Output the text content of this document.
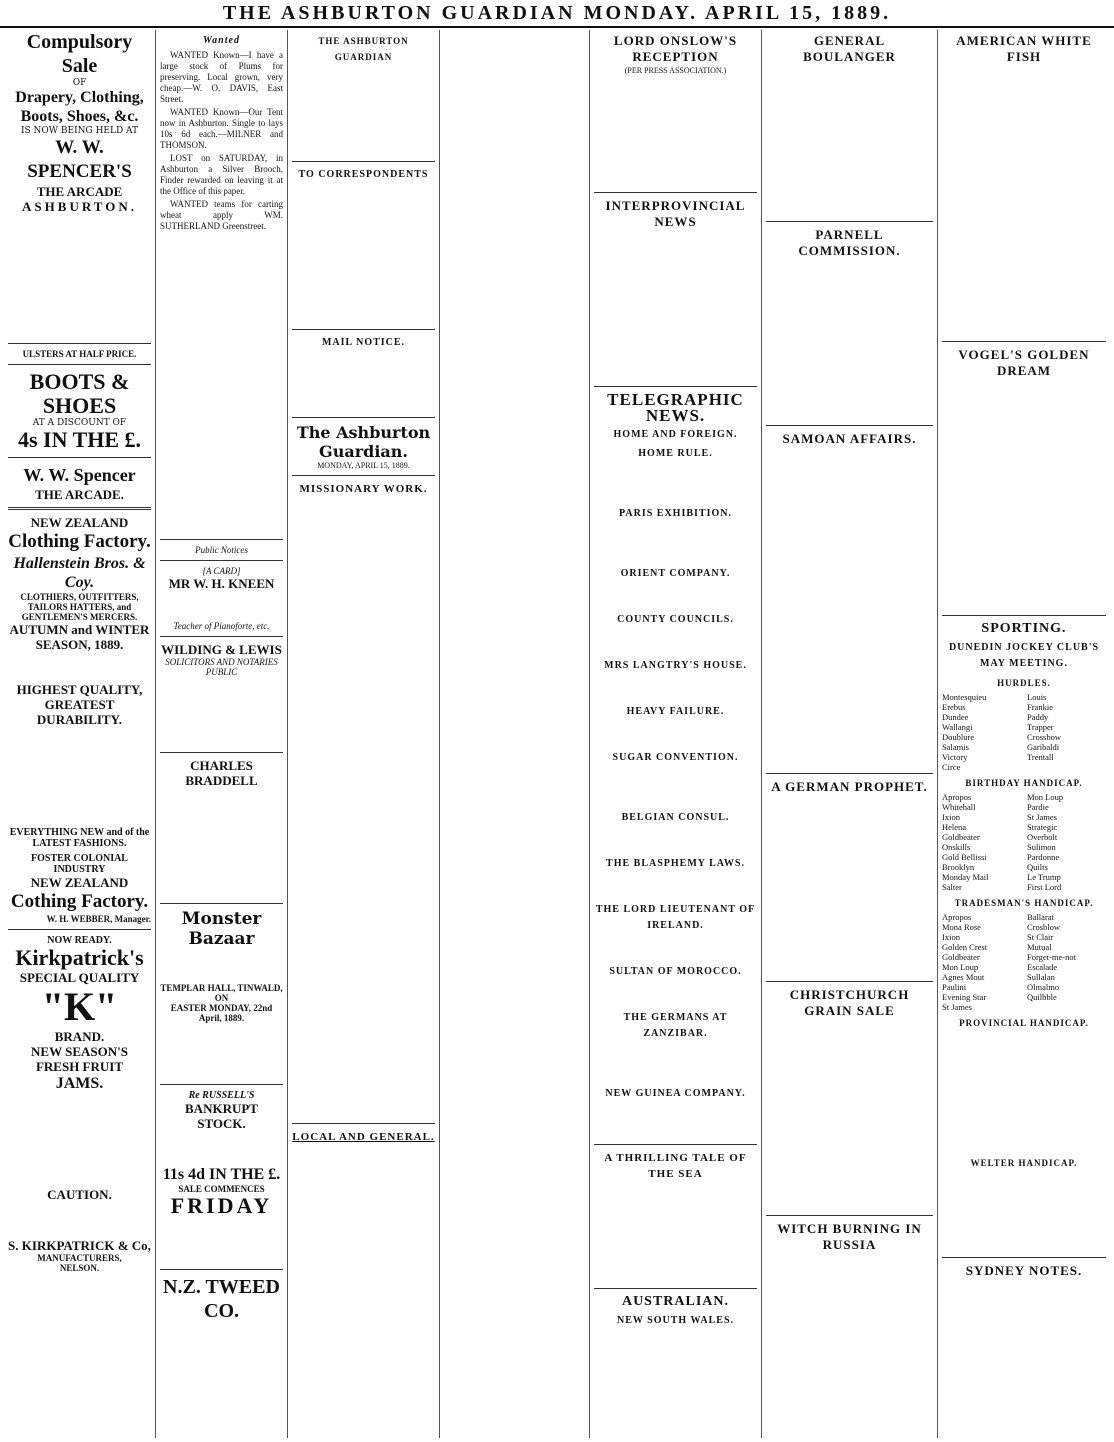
THE ASHBURTON GUARDIAN MONDAY. APRIL 15, 1889.
Compulsory Sale
OF
Drapery, Clothing, Boots, Shoes, &c.
IS NOW BEING HELD AT
W. W. SPENCER'S
THE ARCADE
ASHBURTON.
ULSTERS AT HALF PRICE.
BOOTS & SHOES
AT A DISCOUNT OF
4s IN THE £.
W. W. Spencer
THE ARCADE.
NEW ZEALAND
Clothing Factory.
Hallenstein Bros. & Coy.
CLOTHIERS, OUTFITTERS, TAILORS HATTERS, and GENTLEMEN'S MERCERS.
AUTUMN and WINTER SEASON, 1889.
HIGHEST QUALITY,
GREATEST DURABILITY.
EVERYTHING NEW and of the LATEST FASHIONS.
FOSTER COLONIAL INDUSTRY
NEW ZEALAND
Cothing Factory.
W. H. WEBBER, Manager.
NOW READY.
Kirkpatrick's
SPECIAL QUALITY
"K"
BRAND.
NEW SEASON'S
FRESH FRUIT
JAMS.
CAUTION.
S. KIRKPATRICK & Co,
MANUFACTURERS,
NELSON.
Wanted

WANTED Known—I have a large stock of Plums for preserving. Local grown, very cheap.—W. O. DAVIS, East Street.

WANTED Known—Our Tent now in Ashburton. Single to lays 10s 6d each.—MILNER and THOMSON.

LOST on SATURDAY, in Ashburton a Silver Brooch. Finder rewarded on leaving it at the Office of this paper.

WANTED teams for carting wheat apply WM. SUTHERLAND Greenstreet.

Public Notices
[A CARD]
MR W. H. KNEEN
Teacher of Pianoforte, etc.
WILDING & LEWIS
SOLICITORS AND NOTARIES PUBLIC
CHARLES BRADDELL
Monster Bazaar
TEMPLAR HALL, TINWALD,
ON
EASTER MONDAY, 22nd April, 1889.
Re RUSSELL'S
BANKRUPT STOCK.
11s 4d IN THE £.
SALE COMMENCES
FRIDAY
N.Z. TWEED CO.
THE ASHBURTON GUARDIAN
TO CORRESPONDENTS
MAIL NOTICE.
The Ashburton Guardian.
MONDAY, APRIL 15, 1889.
MISSIONARY WORK.
LOCAL AND GENERAL.
LORD ONSLOW'S RECEPTION
(PER PRESS ASSOCIATION.)
INTERPROVINCIAL NEWS
TELEGRAPHIC NEWS.
HOME AND FOREIGN.
HOME RULE.
PARIS EXHIBITION.
ORIENT COMPANY.
COUNTY COUNCILS.
MRS LANGTRY'S HOUSE.
HEAVY FAILURE.
SUGAR CONVENTION.
BELGIAN CONSUL.
THE BLASPHEMY LAWS.
THE LORD LIEUTENANT OF IRELAND.
SULTAN OF MOROCCO.
THE GERMANS AT ZANZIBAR.
NEW GUINEA COMPANY.
A THRILLING TALE OF THE SEA
AUSTRALIAN.
NEW SOUTH WALES.
GENERAL BOULANGER
PARNELL COMMISSION.
SAMOAN AFFAIRS.
A GERMAN PROPHET.
CHRISTCHURCH GRAIN SALE
WITCH BURNING IN RUSSIA
AMERICAN WHITE FISH
VOGEL'S GOLDEN DREAM
SPORTING.
DUNEDIN JOCKEY CLUB'S MAY MEETING.
HURDLES.
Montesquieu
Erebus
Dundee
Wallangi
Doublure
Salamis
Victory
Circe
Louis
Frankie
Paddy
Trapper
Crossbow
Garibaldi
Trentall
BIRTHDAY HANDICAP.
Apropos
Whitehall
Ixion
Helena
Goldbeater
Onskills
Gold Bellissi
Brooklyn
Monday Mail
Salter
Mon Loup
Pardie
St James
Strategic
Overbolt
Sulimon
Pardonne
Quilts
Le Trump
First Lord
TRADESMAN'S HANDICAP.
Apropos
Mona Rose
Ixion
Golden Crest
Goldbeater
Mon Loup
Agnes Mout
Paulini
Evening Star
St James
Ballarat
Crosblow
St Clair
Mutual
Forget-me-not
Escalade
Sullalan
Olmalmo
Quilbble
PROVINCIAL HANDICAP.
WELTER HANDICAP.
SYDNEY NOTES.
